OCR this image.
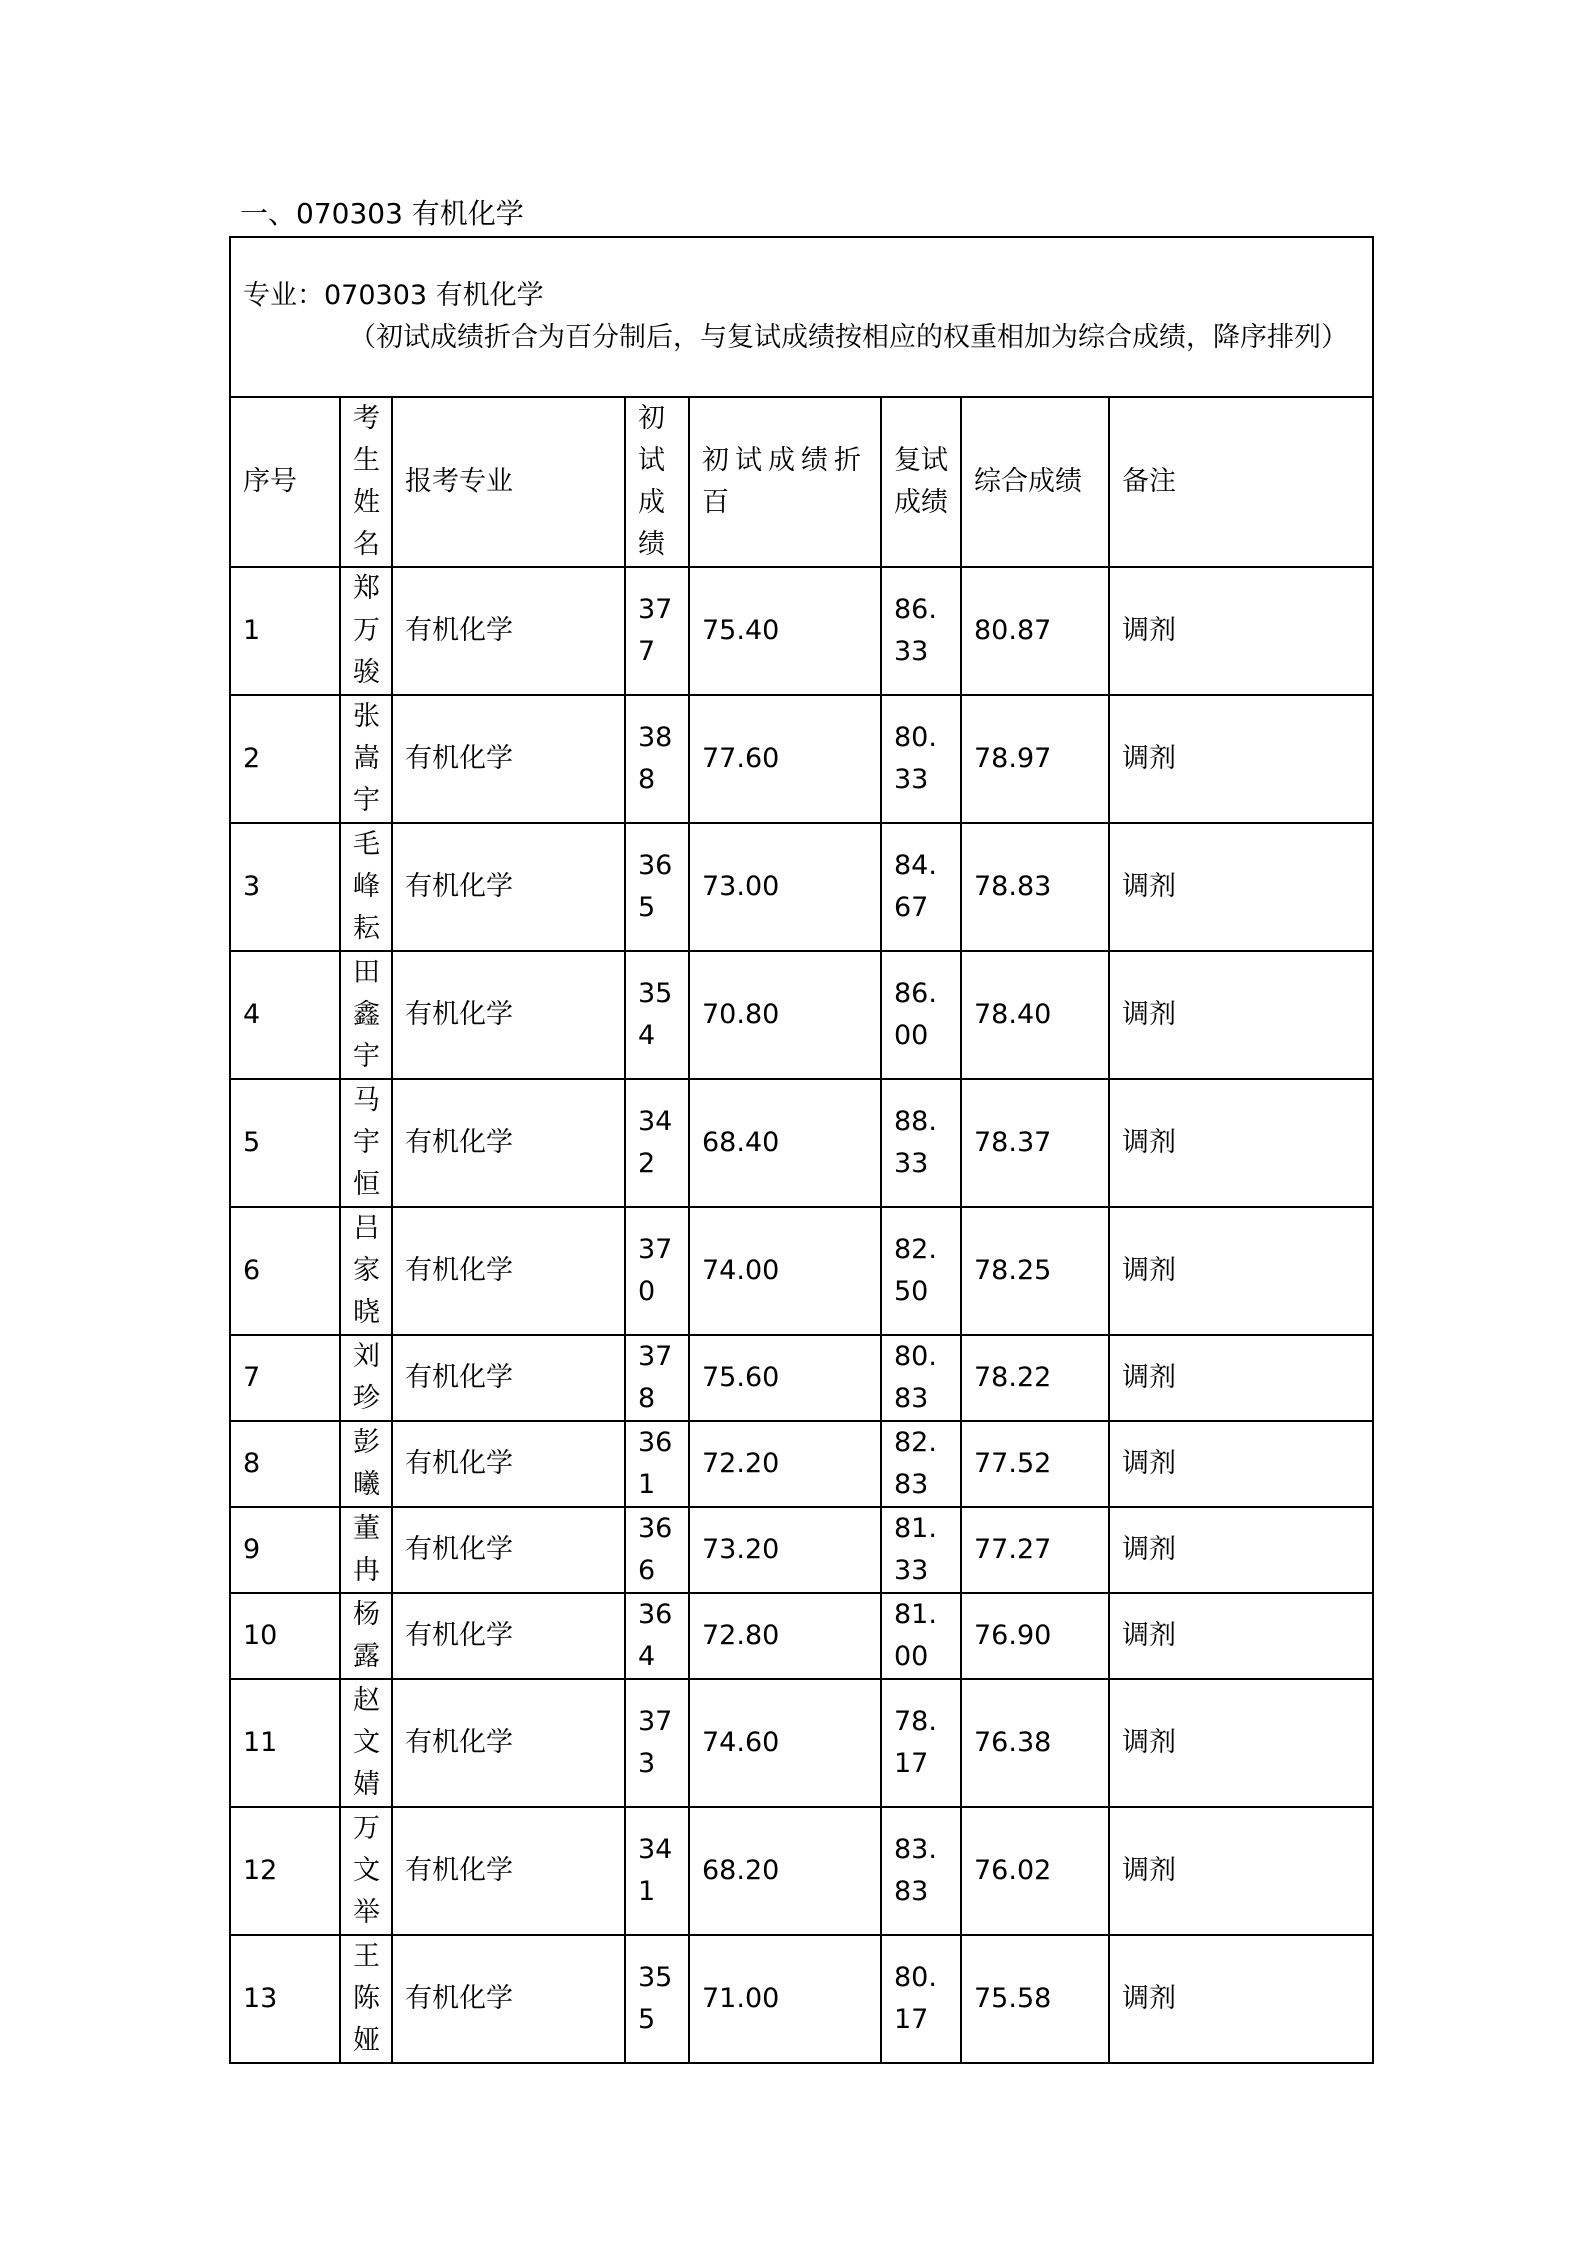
一、070303 有机化学
专业：070303 有机化学
（初试成绩折合为百分制后，与复试成绩按相应的权重相加为综合成绩，降序排列）							

序号	考生姓名	报考专业	初试成绩	初试成绩折百	复试成绩	综合成绩	备注
1	郑万骏	有机化学	377	75.40	86.33	80.87	调剂
2	张嵩宇	有机化学	388	77.60	80.33	78.97	调剂
3	毛峰耘	有机化学	365	73.00	84.67	78.83	调剂
4	田鑫宇	有机化学	354	70.80	86.00	78.40	调剂
5	马宇恒	有机化学	342	68.40	88.33	78.37	调剂
6	吕家晓	有机化学	370	74.00	82.50	78.25	调剂
7	刘珍	有机化学	378	75.60	80.83	78.22	调剂
8	彭曦	有机化学	361	72.20	82.83	77.52	调剂
9	董冉	有机化学	366	73.20	81.33	77.27	调剂
10	杨露	有机化学	364	72.80	81.00	76.90	调剂
11	赵文婧	有机化学	373	74.60	78.17	76.38	调剂
12	万文举	有机化学	341	68.20	83.83	76.02	调剂
13	王陈娅	有机化学	355	71.00	80.17	75.58	调剂
